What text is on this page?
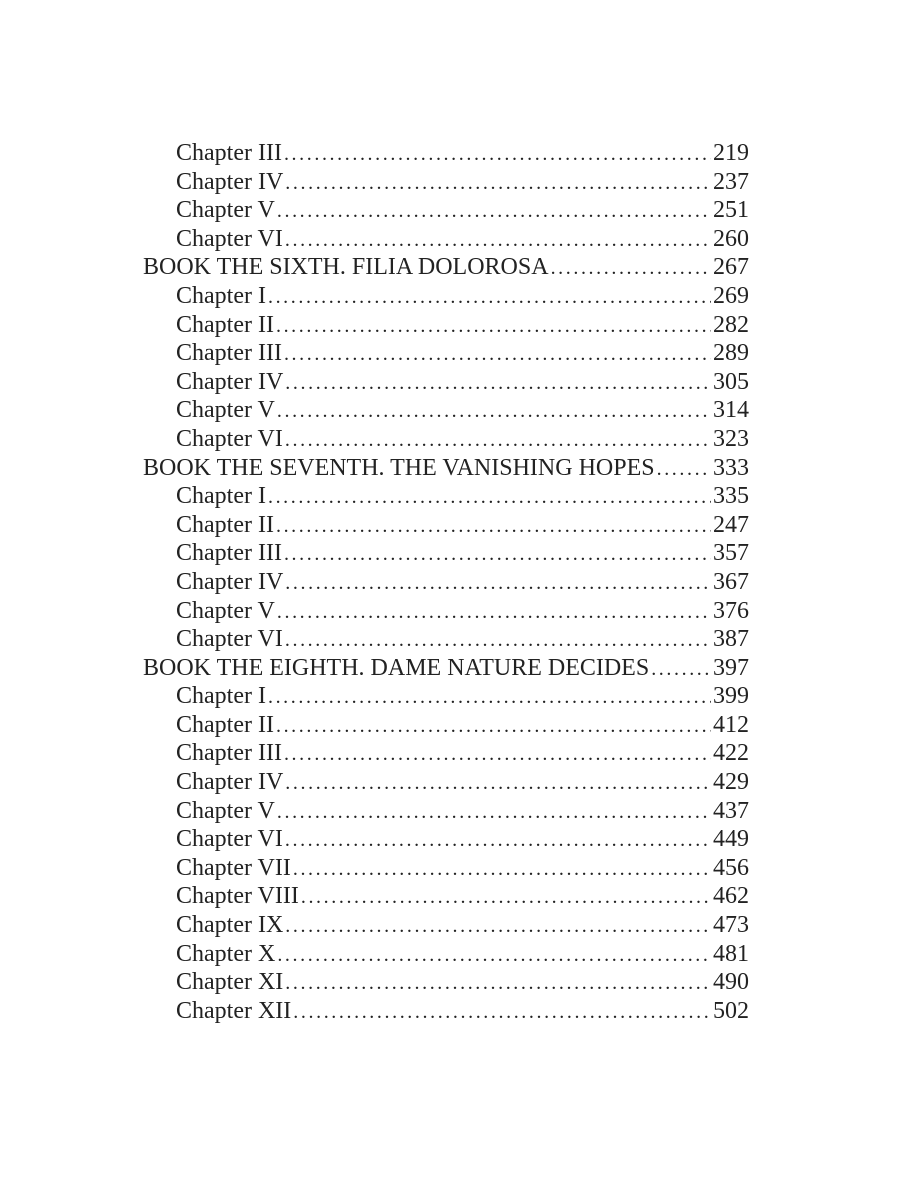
Chapter III .....	219
Chapter IV .....	237
Chapter V .....	251
Chapter VI .....	260
BOOK THE SIXTH. FILIA DOLOROSA .....	267
Chapter I .....	269
Chapter II .....	282
Chapter III .....	289
Chapter IV .....	305
Chapter V .....	314
Chapter VI .....	323
BOOK THE SEVENTH. THE VANISHING HOPES ..... 333
Chapter I .....	335
Chapter II .....	247
Chapter III .....	357
Chapter IV .....	367
Chapter V .....	376
Chapter VI .....	387
BOOK THE EIGHTH. DAME NATURE DECIDES .....	397
Chapter I .....	399
Chapter II .....	412
Chapter III .....	422
Chapter IV .....	429
Chapter V .....	437
Chapter VI .....	449
Chapter VII .....	456
Chapter VIII .....	462
Chapter IX .....	473
Chapter X .....	481
Chapter XI .....	490
Chapter XII .....	502
